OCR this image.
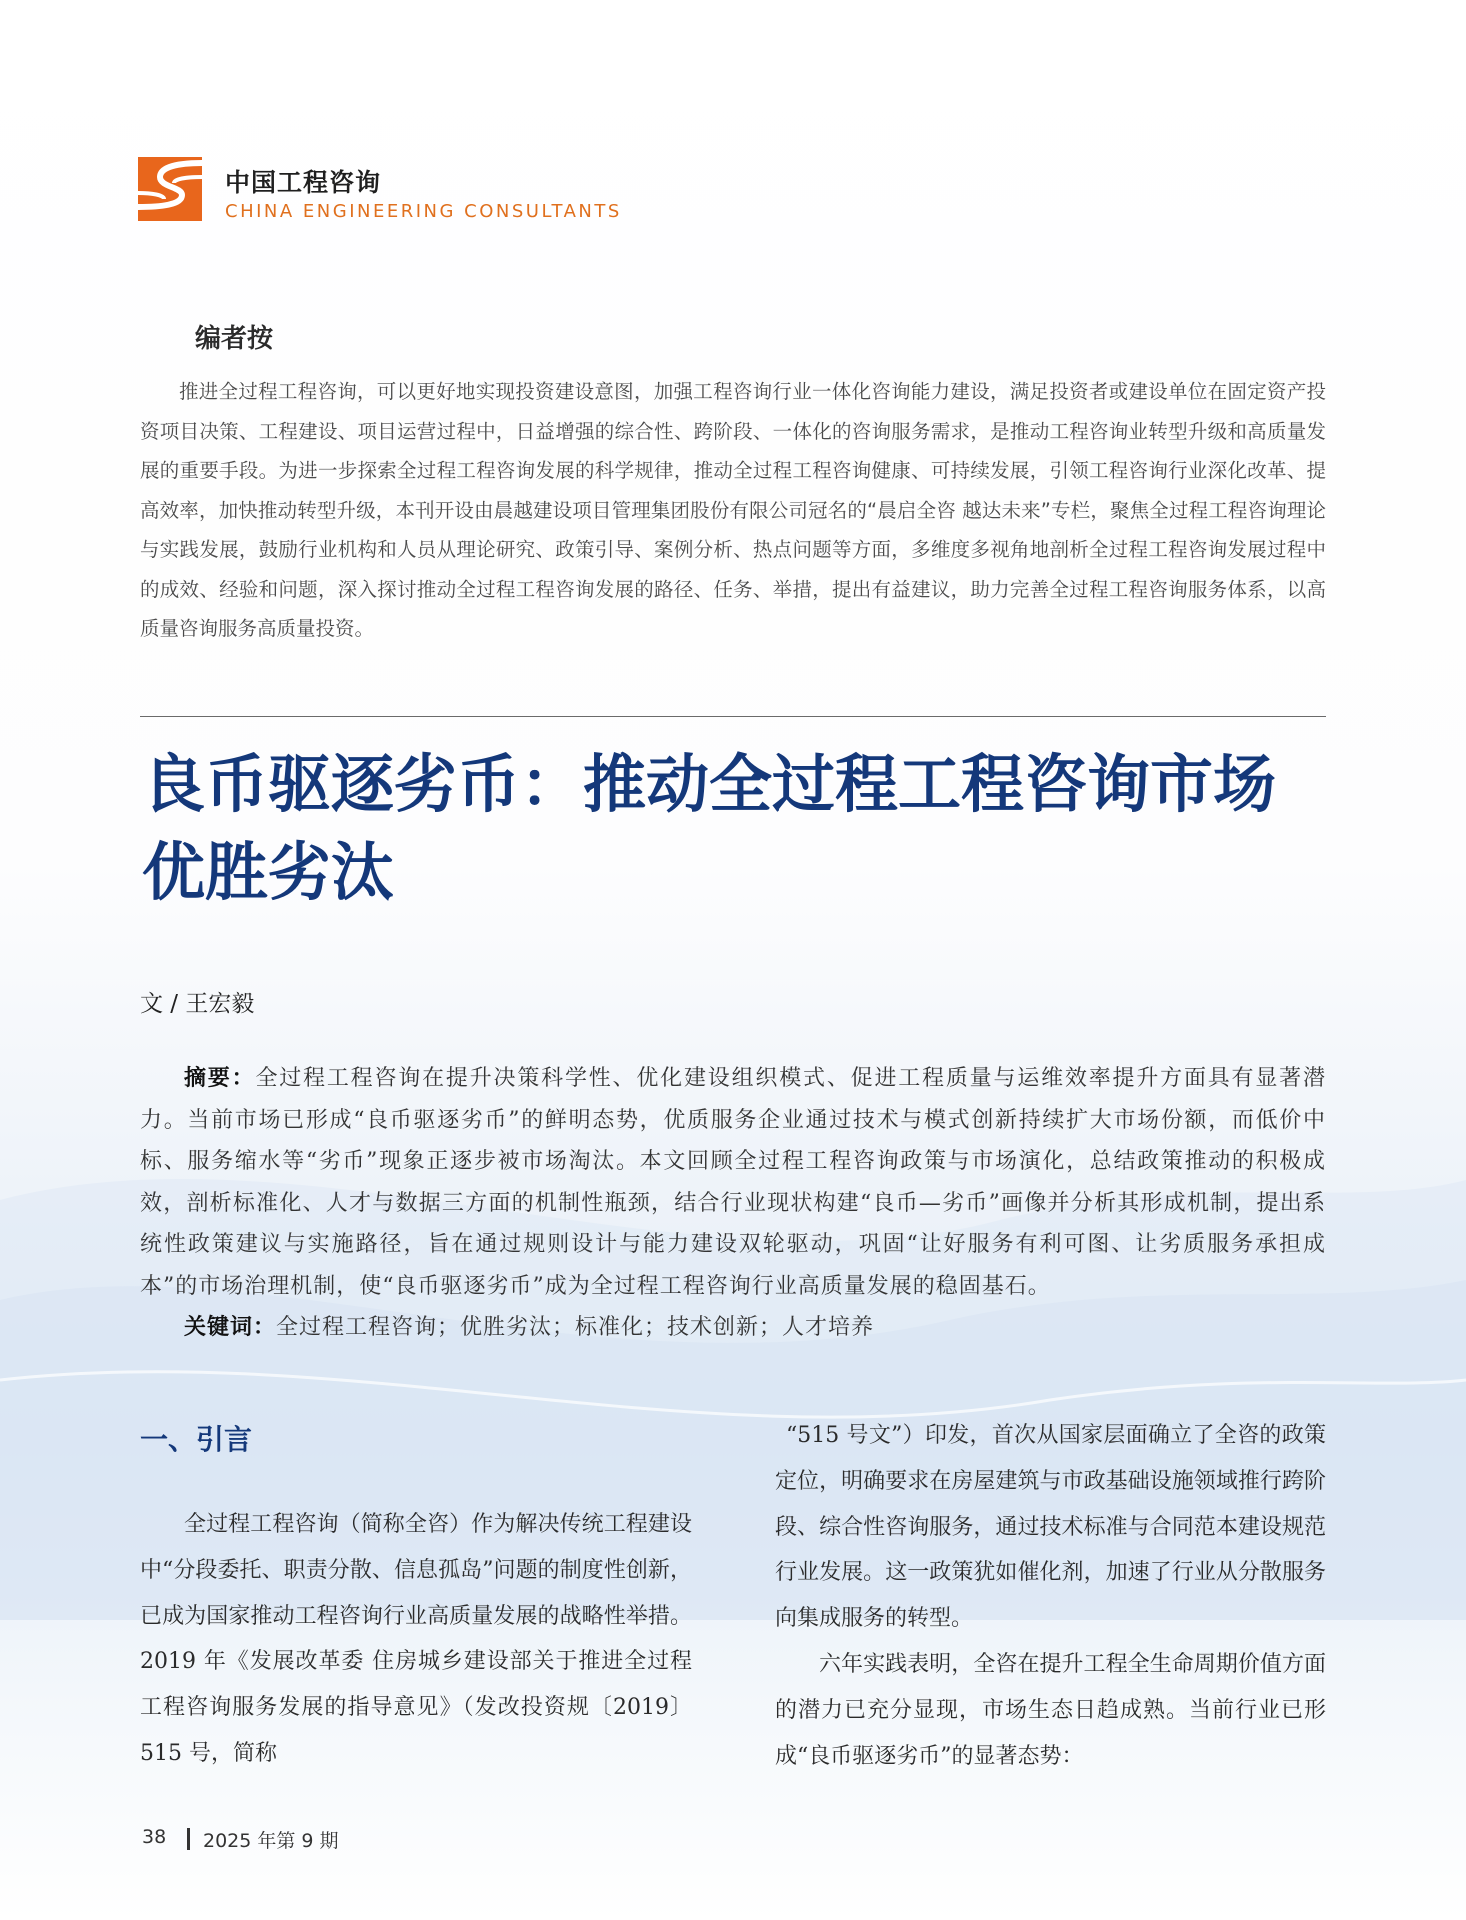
中国工程咨询
CHINA ENGINEERING CONSULTANTS
编者按

推进全过程工程咨询，可以更好地实现投资建设意图，加强工程咨询行业一体化咨询能力建设，满足投资者或建设单位在固定资产投资项目决策、工程建设、项目运营过程中，日益增强的综合性、跨阶段、一体化的咨询服务需求，是推动工程咨询业转型升级和高质量发展的重要手段。为进一步探索全过程工程咨询发展的科学规律，推动全过程工程咨询健康、可持续发展，引领工程咨询行业深化改革、提高效率，加快推动转型升级，本刊开设由晨越建设项目管理集团股份有限公司冠名的“晨启全咨 越达未来”专栏，聚焦全过程工程咨询理论与实践发展，鼓励行业机构和人员从理论研究、政策引导、案例分析、热点问题等方面，多维度多视角地剖析全过程工程咨询发展过程中的成效、经验和问题，深入探讨推动全过程工程咨询发展的路径、任务、举措，提出有益建议，助力完善全过程工程咨询服务体系，以高质量咨询服务高质量投资。

良币驱逐劣币：推动全过程工程咨询市场
优胜劣汰
文 / 王宏毅

摘要：全过程工程咨询在提升决策科学性、优化建设组织模式、促进工程质量与运维效率提升方面具有显著潜力。当前市场已形成“良币驱逐劣币”的鲜明态势，优质服务企业通过技术与模式创新持续扩大市场份额，而低价中标、服务缩水等“劣币”现象正逐步被市场淘汰。本文回顾全过程工程咨询政策与市场演化，总结政策推动的积极成效，剖析标准化、人才与数据三方面的机制性瓶颈，结合行业现状构建“良币—劣币”画像并分析其形成机制，提出系统性政策建议与实施路径，旨在通过规则设计与能力建设双轮驱动，巩固“让好服务有利可图、让劣质服务承担成本”的市场治理机制，使“良币驱逐劣币”成为全过程工程咨询行业高质量发展的稳固基石。

关键词：全过程工程咨询；优胜劣汰；标准化；技术创新；人才培养

一、引言

全过程工程咨询（简称全咨）作为解决传统工程建设中“分段委托、职责分散、信息孤岛”问题的制度性创新，已成为国家推动工程咨询行业高质量发展的战略性举措。2019 年《发展改革委 住房城乡建设部关于推进全过程工程咨询服务发展的指导意见》（发改投资规〔2019〕515 号，简称

“515 号文”）印发，首次从国家层面确立了全咨的政策定位，明确要求在房屋建筑与市政基础设施领域推行跨阶段、综合性咨询服务，通过技术标准与合同范本建设规范行业发展。这一政策犹如催化剂，加速了行业从分散服务向集成服务的转型。

六年实践表明，全咨在提升工程全生命周期价值方面的潜力已充分显现，市场生态日趋成熟。当前行业已形成“良币驱逐劣币”的显著态势：

38 2025 年第 9 期
